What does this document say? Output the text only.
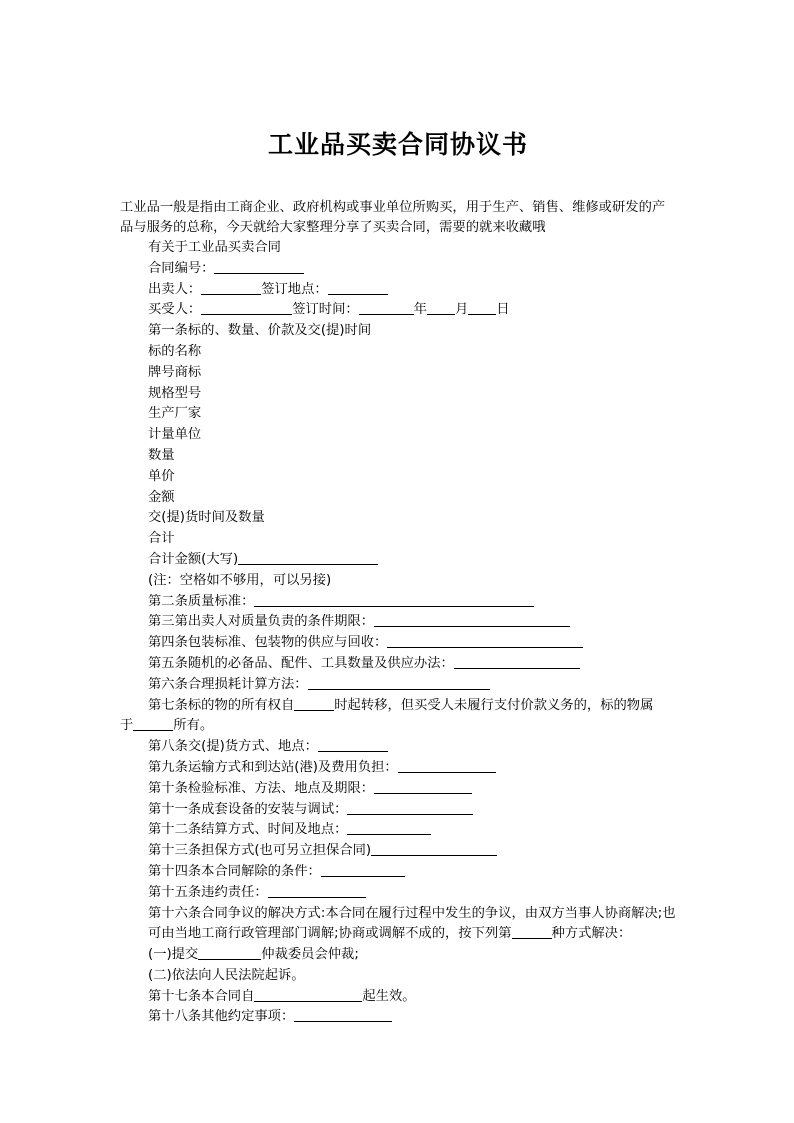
工业品买卖合同协议书

工业品一般是指由工商企业、政府机构或事业单位所购买，用于生产、销售、维修或研发的产品与服务的总称，今天就给大家整理分享了买卖合同，需要的就来收藏哦

有关于工业品买卖合同
合同编号：
出卖人：	签订地点：
买受人：	签订时间：	年 月 日
第一条标的、数量、价款及交(提)时间
标的名称
牌号商标
规格型号
生产厂家
计量单位
数量
单价
金额
交(提)货时间及数量
合计
合计金额(大写)
(注：空格如不够用，可以另接)
第二条质量标准：
第三第出卖人对质量负责的条件期限：
第四条包装标准、包装物的供应与回收：
第五条随机的必备品、配件、工具数量及供应办法：
第六条合理损耗计算方法：
第七条标的物的所有权自	时起转移，但买受人未履行支付价款义务的，标的物属
于	所有。
第八条交(提)货方式、地点：
第九条运输方式和到达站(港)及费用负担：
第十条检验标准、方法、地点及期限：
第十一条成套设备的安装与调试：
第十二条结算方式、时间及地点：
第十三条担保方式(也可另立担保合同)
第十四条本合同解除的条件：
第十五条违约责任：
第十六条合同争议的解决方式:本合同在履行过程中发生的争议，由双方当事人协商解决;也可由当地工商行政管理部门调解;协商或调解不成的，按下列第	种方式解决：
(一)提交	仲裁委员会仲裁;
(二)依法向人民法院起诉。
第十七条本合同自	起生效。
第十八条其他约定事项：
